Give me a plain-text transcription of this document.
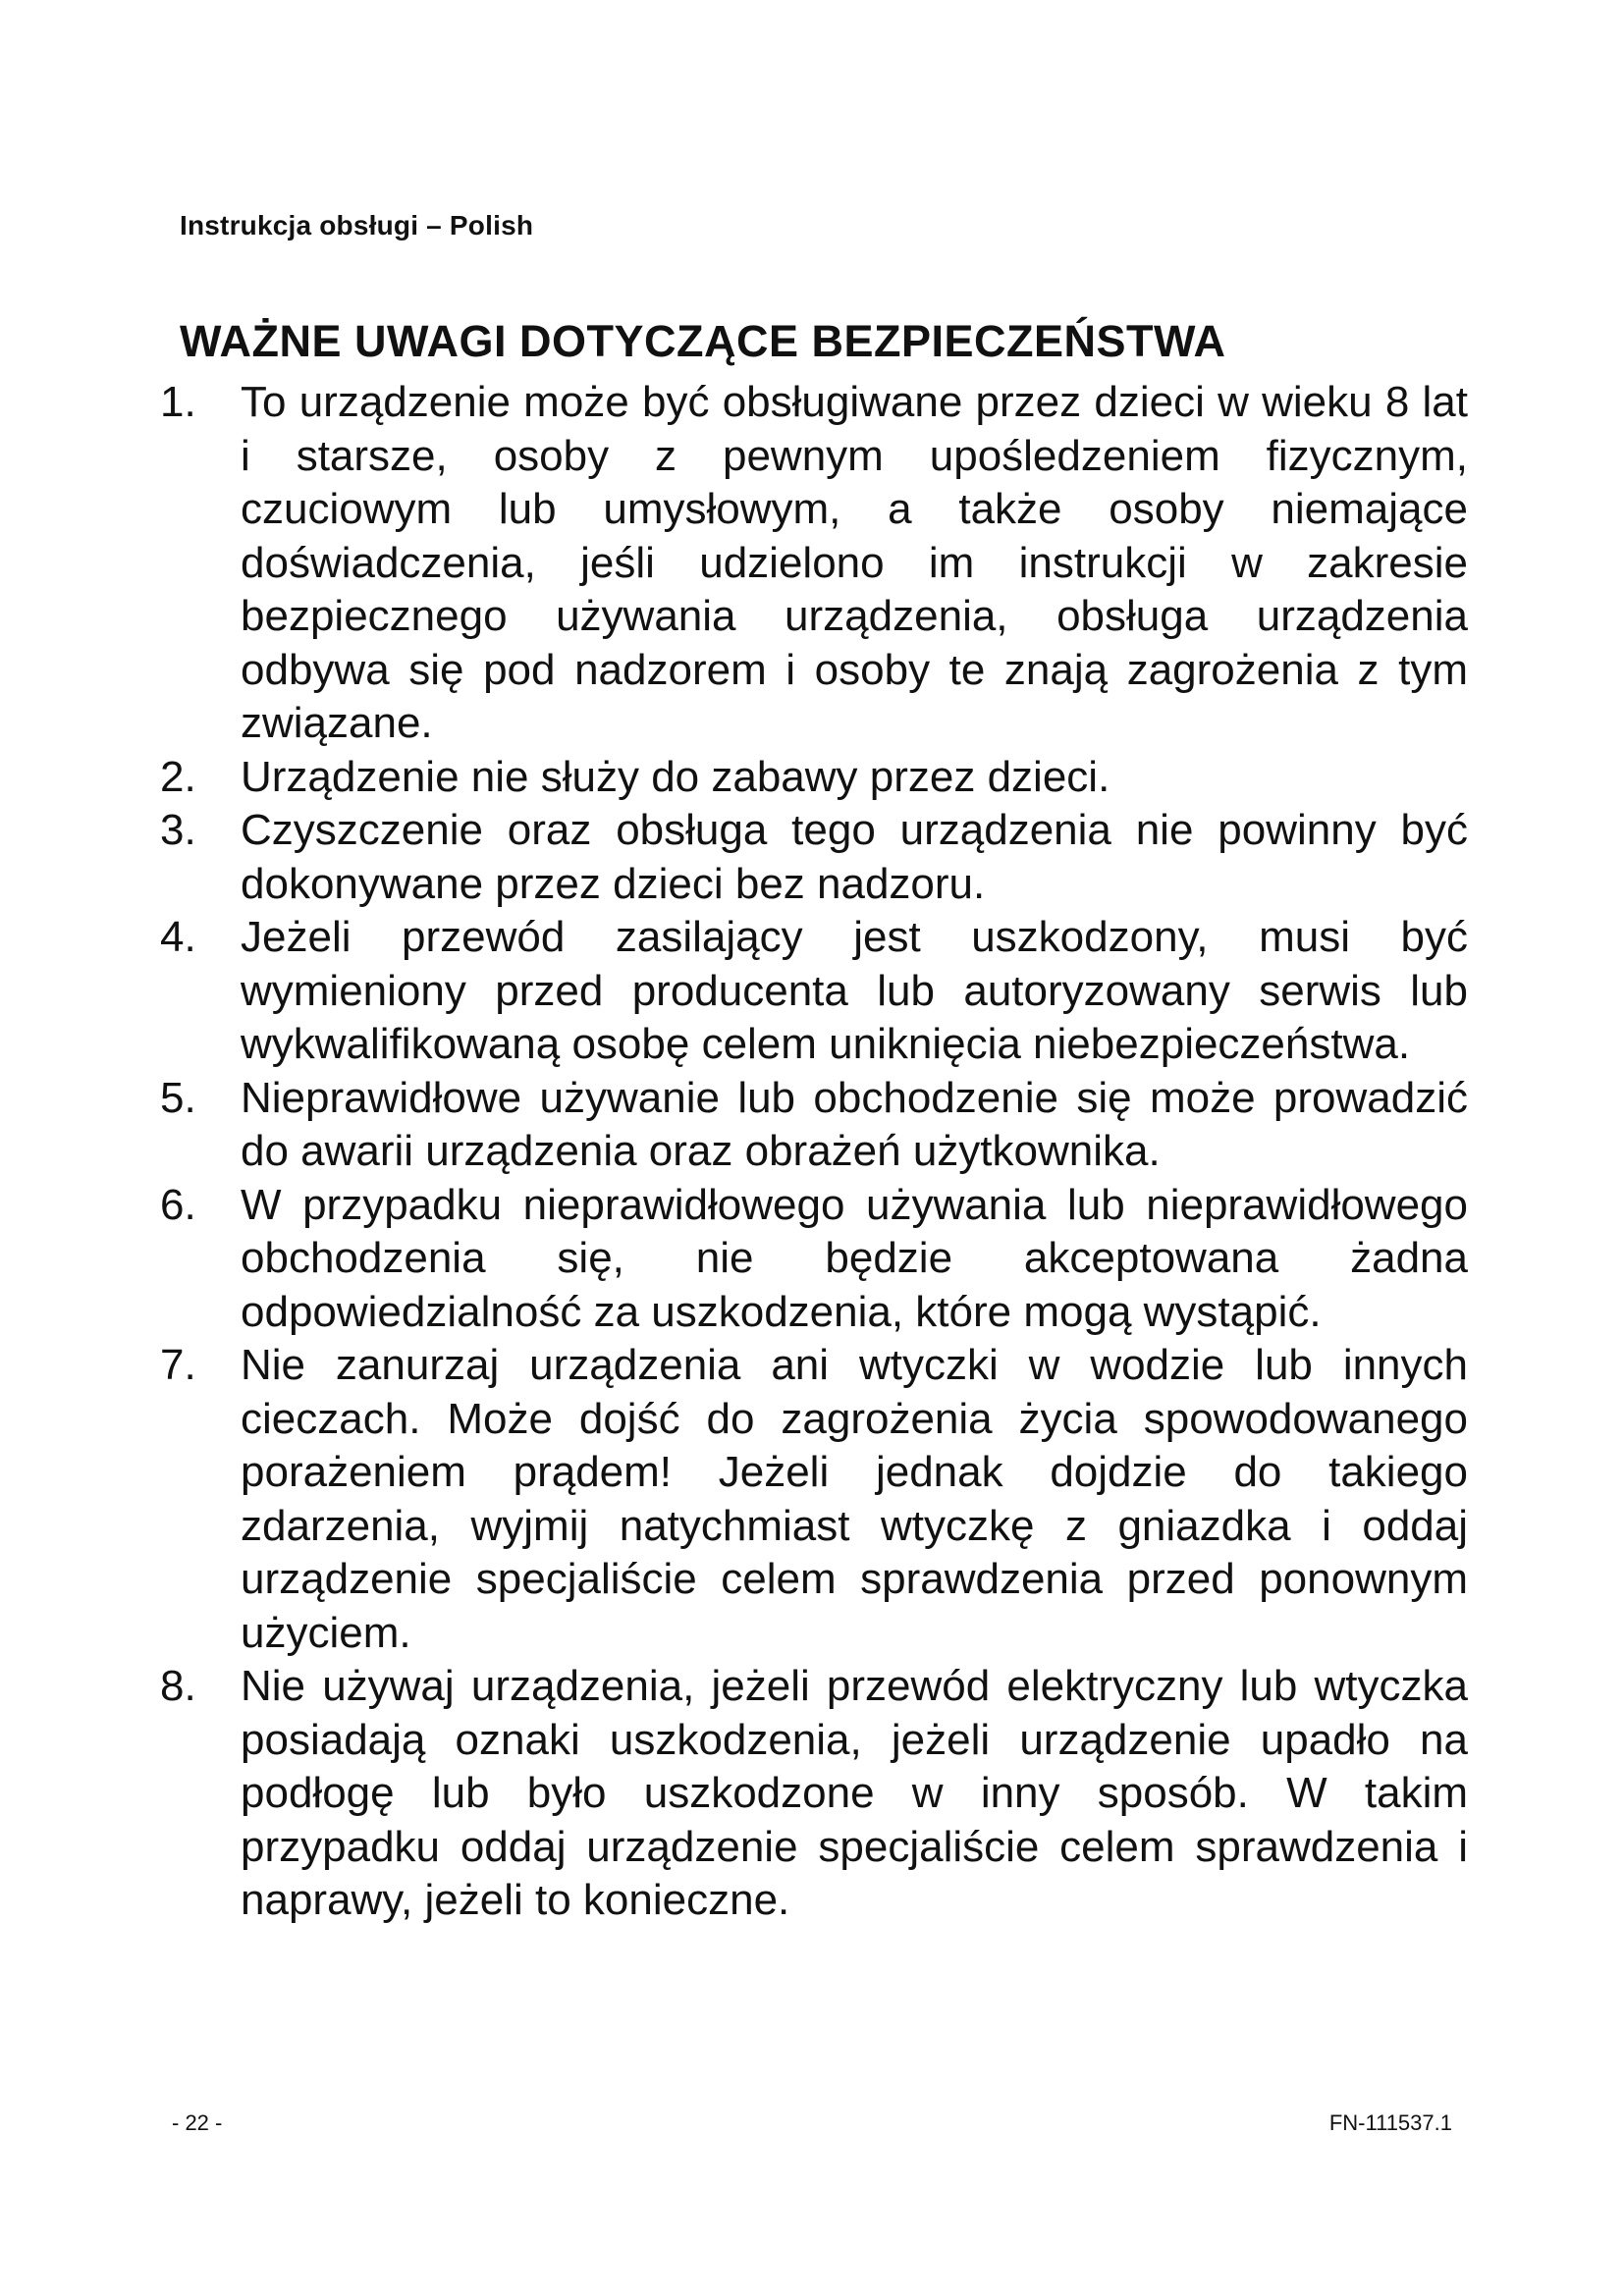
Instrukcja obsługi – Polish
WAŻNE UWAGI DOTYCZĄCE BEZPIECZEŃSTWA
1.	To urządzenie może być obsługiwane przez dzieci w wieku 8 lat i starsze, osoby z pewnym upośledzeniem fizycznym, czuciowym lub umysłowym, a także osoby niemające doświadczenia, jeśli udzielono im instrukcji w zakresie bezpiecznego używania urządzenia, obsługa urządzenia odbywa się pod nadzorem i osoby te znają zagrożenia z tym związane.
2.	Urządzenie nie służy do zabawy przez dzieci.
3.	Czyszczenie oraz obsługa tego urządzenia nie powinny być dokonywane przez dzieci bez nadzoru.
4.	Jeżeli przewód zasilający jest uszkodzony, musi być wymieniony przed producenta lub autoryzowany serwis lub wykwalifikowaną osobę celem uniknięcia niebezpieczeństwa.
5.	Nieprawidłowe używanie lub obchodzenie się może prowadzić do awarii urządzenia oraz obrażeń użytkownika.
6.	W przypadku nieprawidłowego używania lub nieprawidłowego obchodzenia się, nie będzie akceptowana żadna odpowiedzialność za uszkodzenia, które mogą wystąpić.
7.	Nie zanurzaj urządzenia ani wtyczki w wodzie lub innych cieczach. Może dojść do zagrożenia życia spowodowanego porażeniem prądem! Jeżeli jednak dojdzie do takiego zdarzenia, wyjmij natychmiast wtyczkę z gniazdka i oddaj urządzenie specjaliście celem sprawdzenia przed ponownym użyciem.
8.	Nie używaj urządzenia, jeżeli przewód elektryczny lub wtyczka posiadają oznaki uszkodzenia, jeżeli urządzenie upadło na podłogę lub było uszkodzone w inny sposób. W takim przypadku oddaj urządzenie specjaliście celem sprawdzenia i naprawy, jeżeli to konieczne.
- 22 -	FN-111537.1
